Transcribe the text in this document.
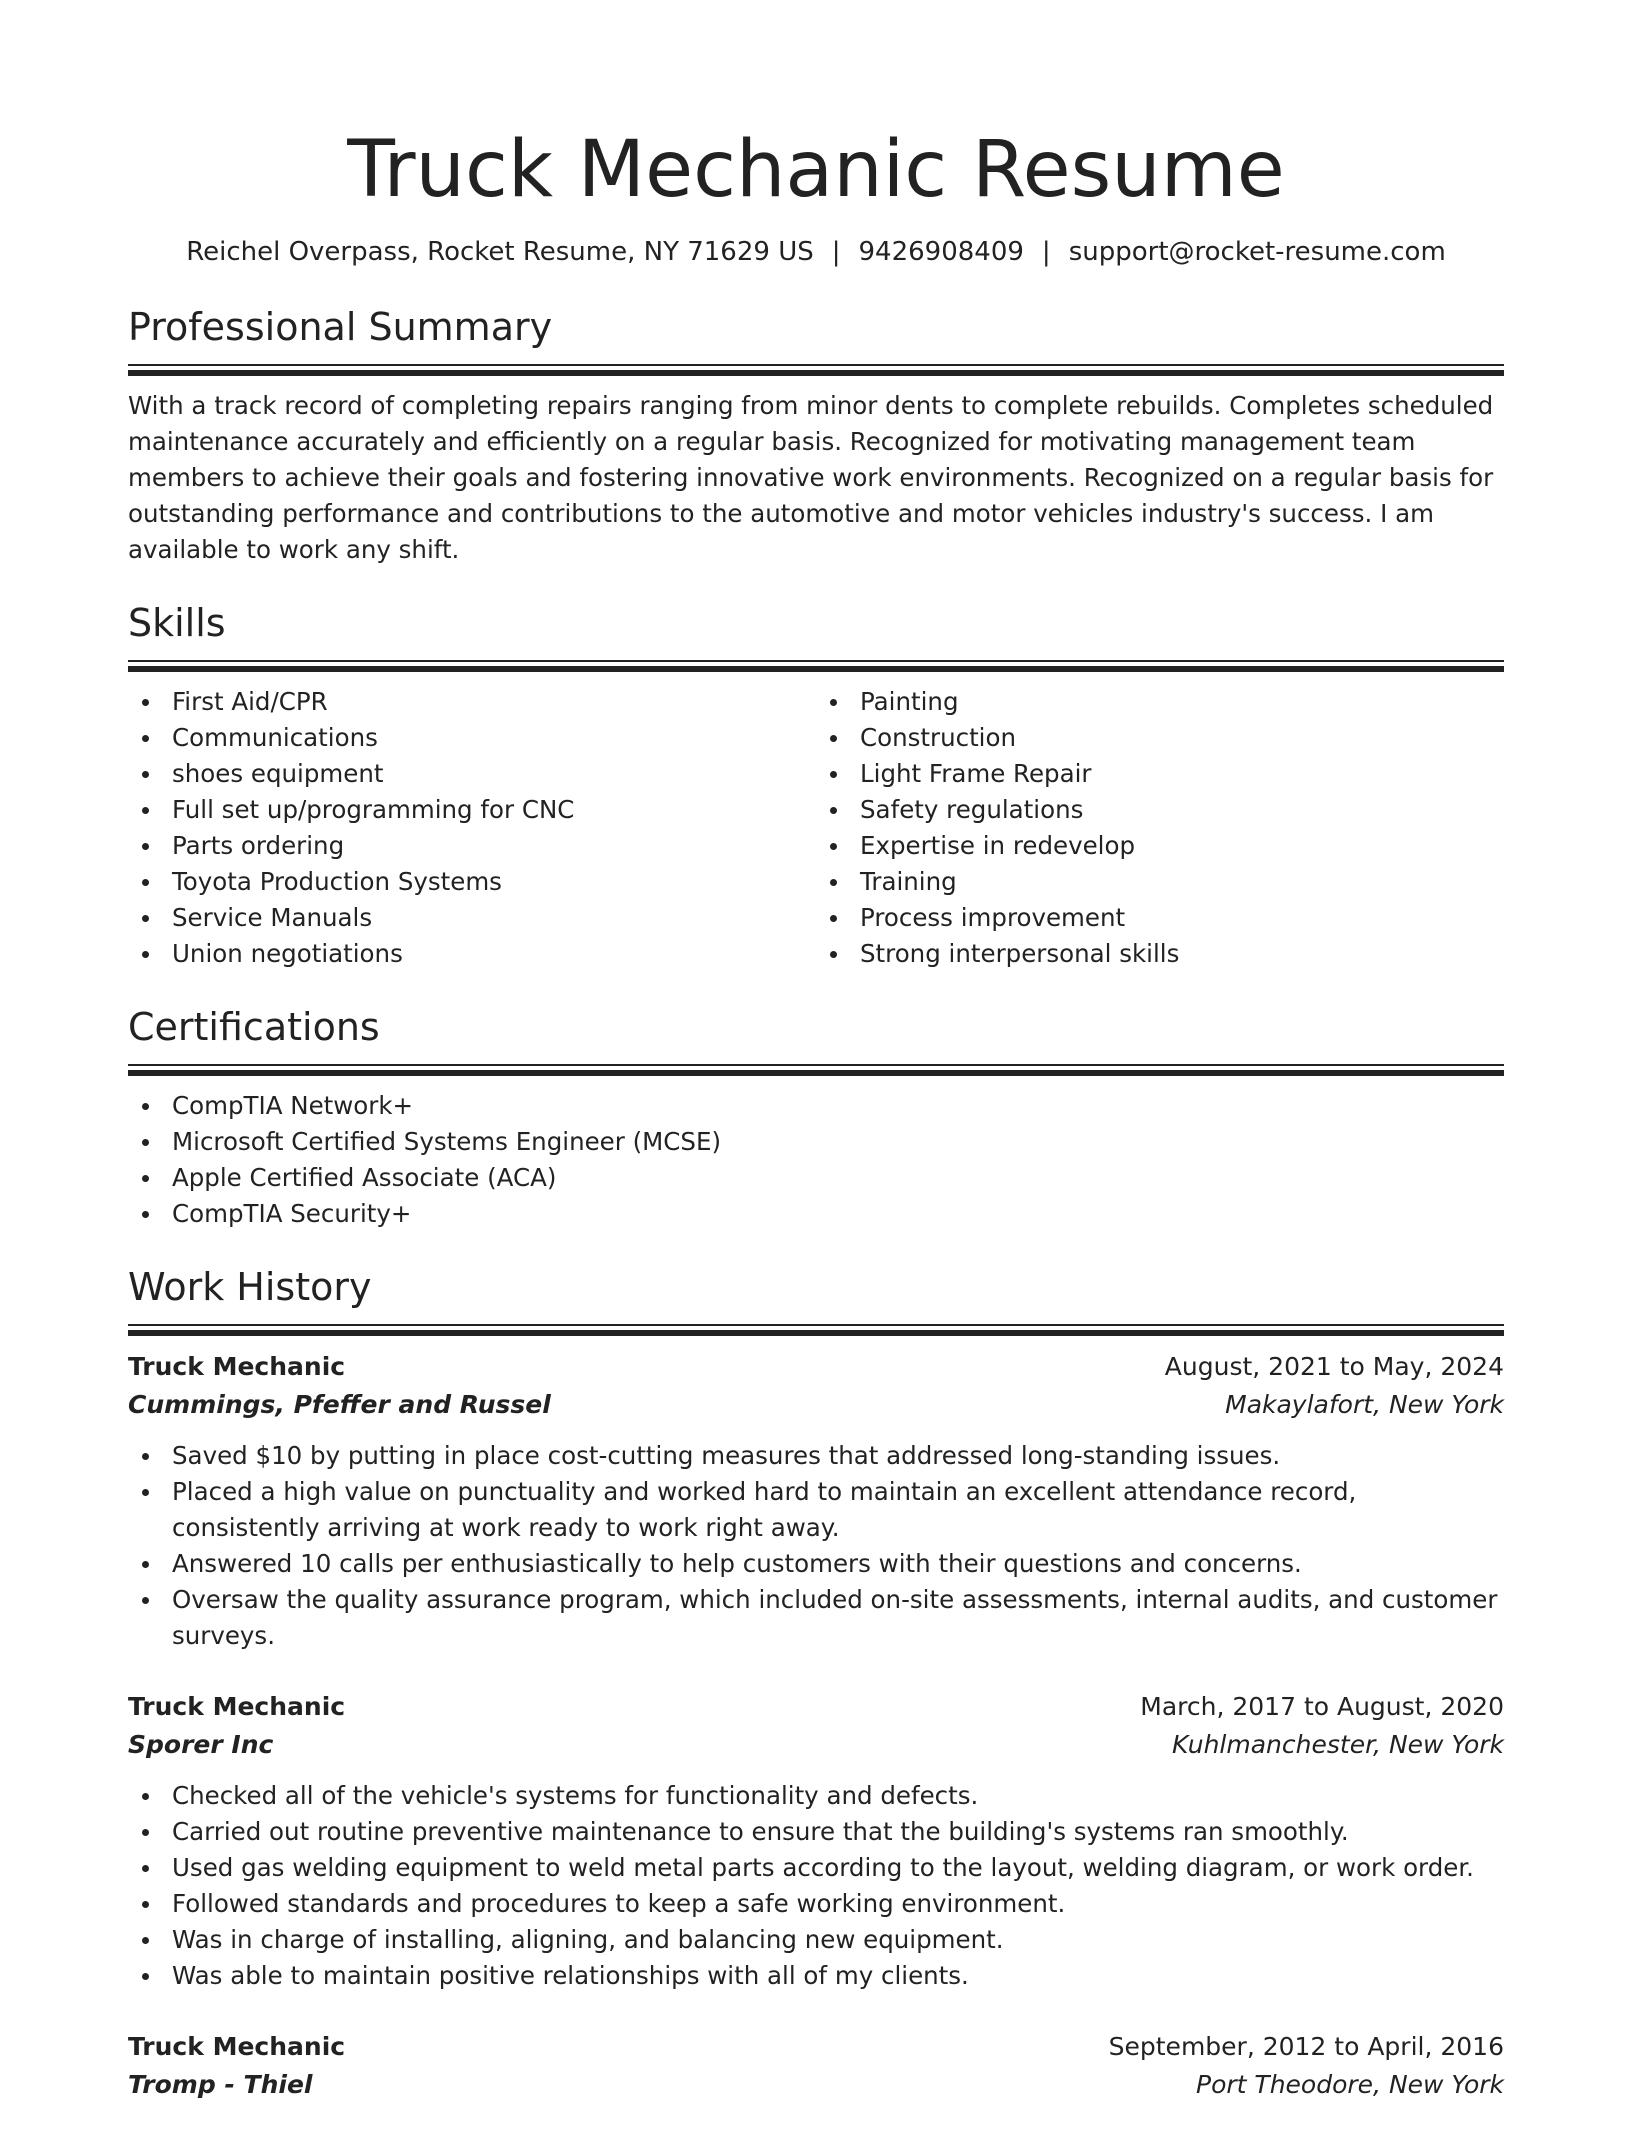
Truck Mechanic Resume
Reichel Overpass, Rocket Resume, NY 71629 US | 9426908409 | support@rocket-resume.com
Professional Summary

With a track record of completing repairs ranging from minor dents to complete rebuilds. Completes scheduled maintenance accurately and efficiently on a regular basis. Recognized for motivating management team members to achieve their goals and fostering innovative work environments. Recognized on a regular basis for outstanding performance and contributions to the automotive and motor vehicles industry's success. I am available to work any shift.

Skills
First Aid/CPR
Communications
shoes equipment
Full set up/programming for CNC
Parts ordering
Toyota Production Systems
Service Manuals
Union negotiations
Painting
Construction
Light Frame Repair
Safety regulations
Expertise in redevelop
Training
Process improvement
Strong interpersonal skills
Certifications
CompTIA Network+
Microsoft Certified Systems Engineer (MCSE)
Apple Certified Associate (ACA)
CompTIA Security+
Work History
Truck Mechanic	August, 2021 to May, 2024
Cummings, Pfeffer and Russel	Makaylafort, New York
Saved $10 by putting in place cost-cutting measures that addressed long-standing issues.
Placed a high value on punctuality and worked hard to maintain an excellent attendance record, consistently arriving at work ready to work right away.
Answered 10 calls per enthusiastically to help customers with their questions and concerns.
Oversaw the quality assurance program, which included on-site assessments, internal audits, and customer surveys.
Truck Mechanic	March, 2017 to August, 2020
Sporer Inc	Kuhlmanchester, New York
Checked all of the vehicle's systems for functionality and defects.
Carried out routine preventive maintenance to ensure that the building's systems ran smoothly.
Used gas welding equipment to weld metal parts according to the layout, welding diagram, or work order.
Followed standards and procedures to keep a safe working environment.
Was in charge of installing, aligning, and balancing new equipment.
Was able to maintain positive relationships with all of my clients.
Truck Mechanic	September, 2012 to April, 2016
Tromp - Thiel	Port Theodore, New York
